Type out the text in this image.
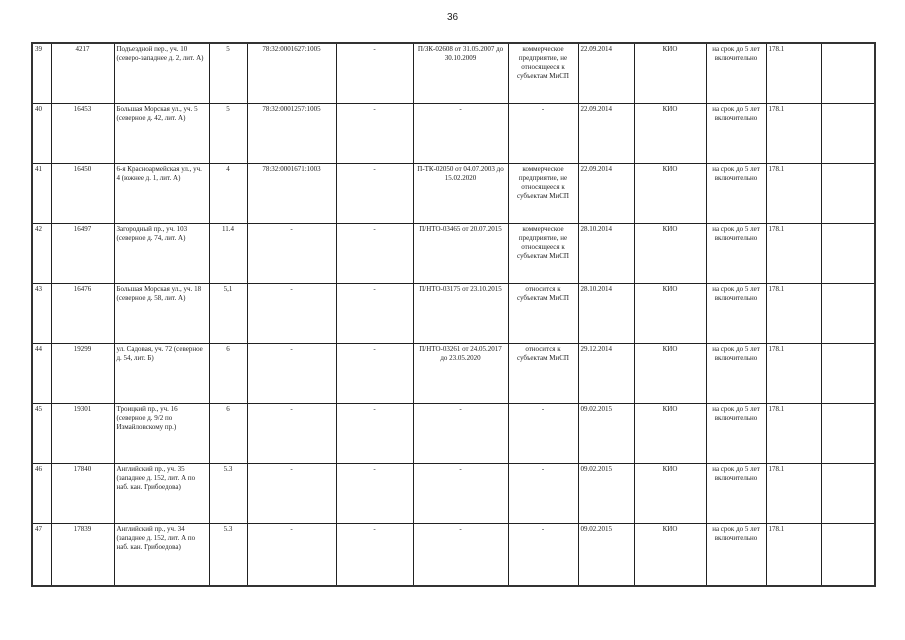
36
39	4217	Подъездной пер., уч. 10 (северо-западнее д. 2, лит. А)	5	78:32:0001627:1005	-	П/ЗК-02608 от 31.05.2007 до 30.10.2009	коммерческое предприятие, не относящееся к субъектам МиСП	22.09.2014	КИО	на срок до 5 лет включительно	178.1	
40	16453	Большая Морская ул., уч. 5 (северное д. 42, лит. А)	5	78:32:0001257:1005	-	-	-	22.09.2014	КИО	на срок до 5 лет включительно	178.1	
41	16450	6-я Красноармейская ул., уч. 4 (южнее д. 1, лит. А)	4	78:32:0001671:1003	-	П-ТК-02050 от 04.07.2003 до 15.02.2020	коммерческое предприятие, не относящееся к субъектам МиСП	22.09.2014	КИО	на срок до 5 лет включительно	178.1	
42	16497	Загородный пр., уч. 103 (северное д. 74, лит. А)	11.4	-	-	П/НТО-03465 от 20.07.2015	коммерческое предприятие, не относящееся к субъектам МиСП	28.10.2014	КИО	на срок до 5 лет включительно	178.1	
43	16476	Большая Морская ул., уч. 18 (северное д. 58, лит. А)	5,1	-	-	П/НТО-03175 от 23.10.2015	относится к субъектам МиСП	28.10.2014	КИО	на срок до 5 лет включительно	178.1	
44	19299	ул. Садовая, уч. 72 (северное д. 54, лит. Б)	6	-	-	П/НТО-03261 от 24.05.2017 до 23.05.2020	относится к субъектам МиСП	29.12.2014	КИО	на срок до 5 лет включительно	178.1	
45	19301	Троицкий пр., уч. 16 (северное д. 9/2 по Измайловскому пр.)	6	-	-	-	-	09.02.2015	КИО	на срок до 5 лет включительно	178.1	
46	17840	Английский пр., уч. 35 (западнее д. 152, лит. А по наб. кан. Грибоедова)	5.3	-	-	-	-	09.02.2015	КИО	на срок до 5 лет включительно	178.1	
47	17839	Английский пр., уч. 34 (западнее д. 152, лит. А по наб. кан. Грибоедова)	5.3	-	-	-	-	09.02.2015	КИО	на срок до 5 лет включительно	178.1	
